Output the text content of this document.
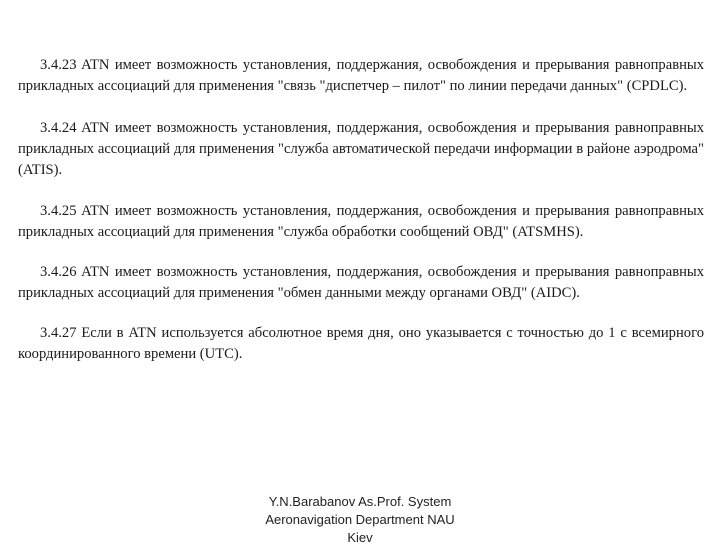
3.4.23 ATN имеет возможность установления, поддержания, освобождения и прерывания равноправных прикладных ассоциаций для применения "связь "диспетчер – пилот" по линии передачи данных" (CPDLC).

3.4.24 ATN имеет возможность установления, поддержания, освобождения и прерывания равноправных прикладных ассоциаций для применения "служба автоматической передачи информации в районе аэродрома" (ATIS).

3.4.25 ATN имеет возможность установления, поддержания, освобождения и прерывания равноправных прикладных ассоциаций для применения "служба обработки сообщений ОВД" (ATSMHS).

3.4.26 ATN имеет возможность установления, поддержания, освобождения и прерывания равноправных прикладных ассоциаций для применения "обмен данными между органами ОВД" (AIDC).

3.4.27 Если в ATN используется абсолютное время дня, оно указывается с точностью до 1 с всемирного координированного времени (UTC).

Y.N.Barabanov As.Prof. System
Aeronavigation Department NAU
Kiev
